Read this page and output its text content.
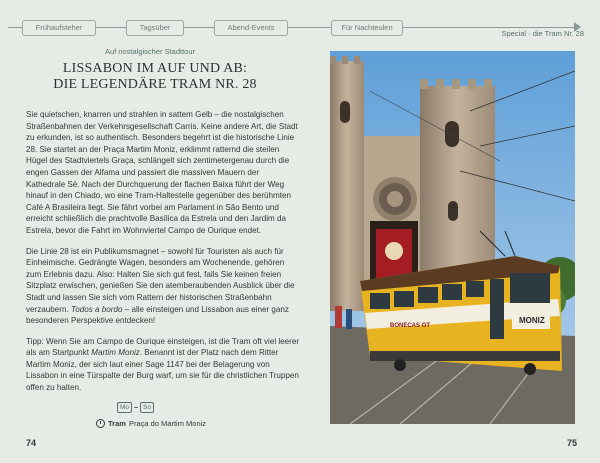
Frühaufsteher	Tagsüber	Abend-Events	Für Nachteulen
Special · die Tram Nr. 28
Auf nostalgischer Stadttour
LISSABON IM AUF UND AB:
DIE LEGENDÄRE TRAM NR. 28

Sie quietschen, knarren und strahlen in sattem Gelb – die nostalgischen Straßenbahnen der Verkehrsgesellschaft Carris. Keine andere Art, die Stadt zu erkunden, ist so authentisch. Besonders begehrt ist die historische Linie 28. Sie startet an der Praça Martim Moniz, erklimmt ratternd die steilen Hügel des Stadtviertels Graça, schlängelt sich zentimetergenau durch die engen Gassen der Alfama und passiert die massiven Mauern der Kathedrale Sé. Nach der Durchquerung der flachen Baixa führt der Weg hinauf in den Chiado, wo eine Tram-Haltestelle gegenüber des berühmten Café A Brasileira liegt. Sie fährt vorbei am Parlament in São Bento und erreicht schließlich die prachtvolle Basílica da Estrela und den Jardim da Estrela, bevor die Fahrt im Wohnviertel Campo de Ourique endet.

Die Linie 28 ist ein Publikumsmagnet – sowohl für Touristen als auch für Einheimische. Gedrängte Wagen, besonders am Wochenende, gehören zum Erlebnis dazu. Also: Halten Sie sich gut fest, falls Sie keinen freien Sitzplatz erwischen, genießen Sie den atemberaubenden Ausblick über die Stadt und lassen Sie sich vom Rattern der historischen Straßenbahn verzaubern. Todos a bordo – alle einsteigen und Lissabon aus einer ganz besonderen Perspektive entdecken!

Tipp: Wenn Sie am Campo de Ourique einsteigen, ist die Tram oft viel leerer als am Startpunkt Martim Moniz. Benannt ist der Platz nach dem Ritter Martim Moniz, der sich laut einer Sage 1147 bei der Belagerung von Lissabon in eine Türspalte der Burg warf, um sie für die christlichen Truppen offen zu halten.

Mo	So
Tram Praça do Martim Moniz
74	75
MONIZ
BONECAS OT
